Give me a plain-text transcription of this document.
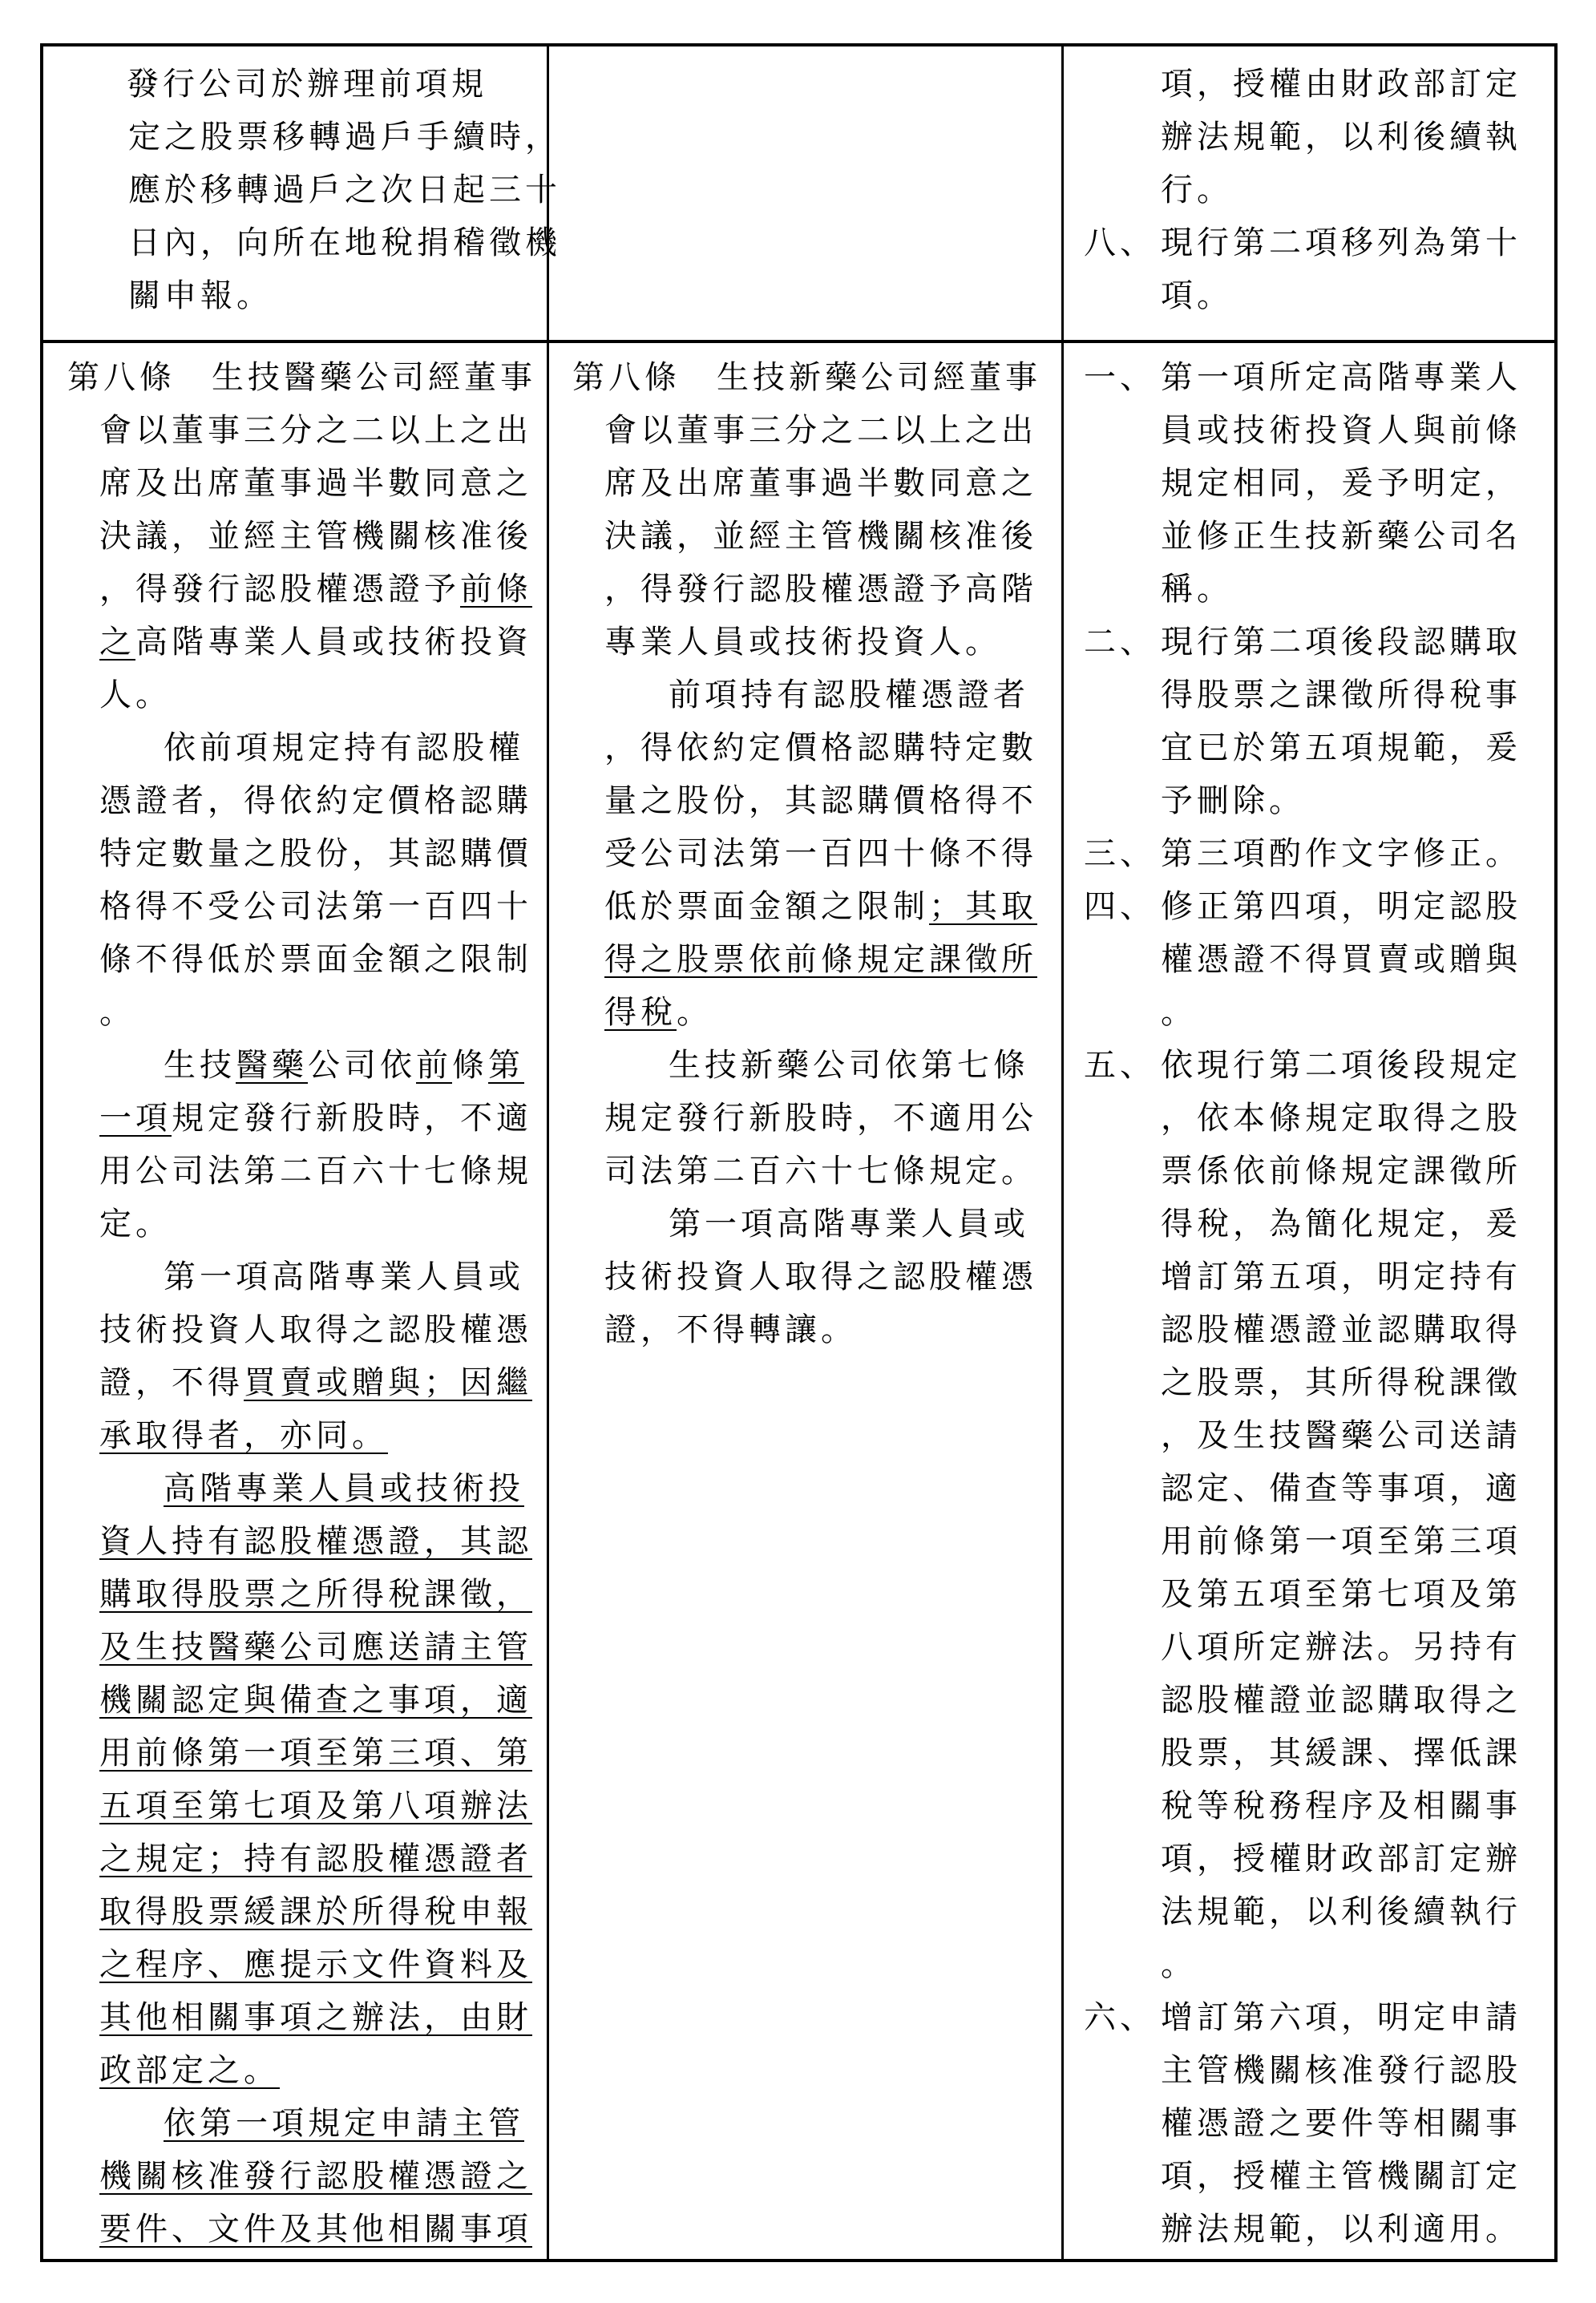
發行公司於辦理前項規
定之股票移轉過戶手續時，
應於移轉過戶之次日起三十
日內，向所在地稅捐稽徵機
關申報。
項，授權由財政部訂定
辦法規範，以利後續執
行。
八、 現行第二項移列為第十
項。
第八條　生技醫藥公司經董事
會以董事三分之二以上之出
席及出席董事過半數同意之
決議，並經主管機關核准後
，得發行認股權憑證予前條
之高階專業人員或技術投資
人。
依前項規定持有認股權
憑證者，得依約定價格認購
特定數量之股份，其認購價
格得不受公司法第一百四十
條不得低於票面金額之限制
。
生技醫藥公司依前條第
一項規定發行新股時，不適
用公司法第二百六十七條規
定。
第一項高階專業人員或
技術投資人取得之認股權憑
證，不得買賣或贈與；因繼
承取得者，亦同。
高階專業人員或技術投
資人持有認股權憑證，其認
購取得股票之所得稅課徵，
及生技醫藥公司應送請主管
機關認定與備查之事項，適
用前條第一項至第三項、第
五項至第七項及第八項辦法
之規定；持有認股權憑證者
取得股票緩課於所得稅申報
之程序、應提示文件資料及
其他相關事項之辦法，由財
政部定之。
依第一項規定申請主管
機關核准發行認股權憑證之
要件、文件及其他相關事項
第八條　生技新藥公司經董事
會以董事三分之二以上之出
席及出席董事過半數同意之
決議，並經主管機關核准後
，得發行認股權憑證予高階
專業人員或技術投資人。
前項持有認股權憑證者
，得依約定價格認購特定數
量之股份，其認購價格得不
受公司法第一百四十條不得
低於票面金額之限制；其取
得之股票依前條規定課徵所
得稅。
生技新藥公司依第七條
規定發行新股時，不適用公
司法第二百六十七條規定。
第一項高階專業人員或
技術投資人取得之認股權憑
證，不得轉讓。
一、 第一項所定高階專業人
員或技術投資人與前條
規定相同，爰予明定，
並修正生技新藥公司名
稱。
二、 現行第二項後段認購取
得股票之課徵所得稅事
宜已於第五項規範，爰
予刪除。
三、 第三項酌作文字修正。
四、 修正第四項，明定認股
權憑證不得買賣或贈與
。
五、 依現行第二項後段規定
，依本條規定取得之股
票係依前條規定課徵所
得稅，為簡化規定，爰
增訂第五項，明定持有
認股權憑證並認購取得
之股票，其所得稅課徵
，及生技醫藥公司送請
認定、備查等事項，適
用前條第一項至第三項
及第五項至第七項及第
八項所定辦法。另持有
認股權證並認購取得之
股票，其緩課、擇低課
稅等稅務程序及相關事
項，授權財政部訂定辦
法規範，以利後續執行
。
六、 增訂第六項，明定申請
主管機關核准發行認股
權憑證之要件等相關事
項，授權主管機關訂定
辦法規範，以利適用。
